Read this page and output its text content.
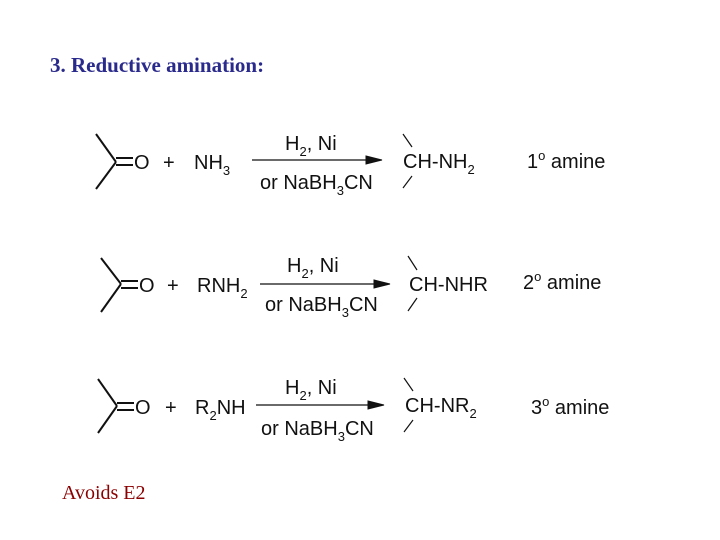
3. Reductive amination:
$O + NH_3$
$H_2$, Ni
or NaBH$_3$CN
$CH-NH_2$	1$^o$ amine
$O + RNH_2$
$H_2$, Ni
or NaBH$_3$CN
CH-NHR 2$^o$ amine
$O + R_2NH$
$H_2$, Ni
or NaBH$_3$CN
$CH-NR_2$	3$^o$ amine
Avoids E2
